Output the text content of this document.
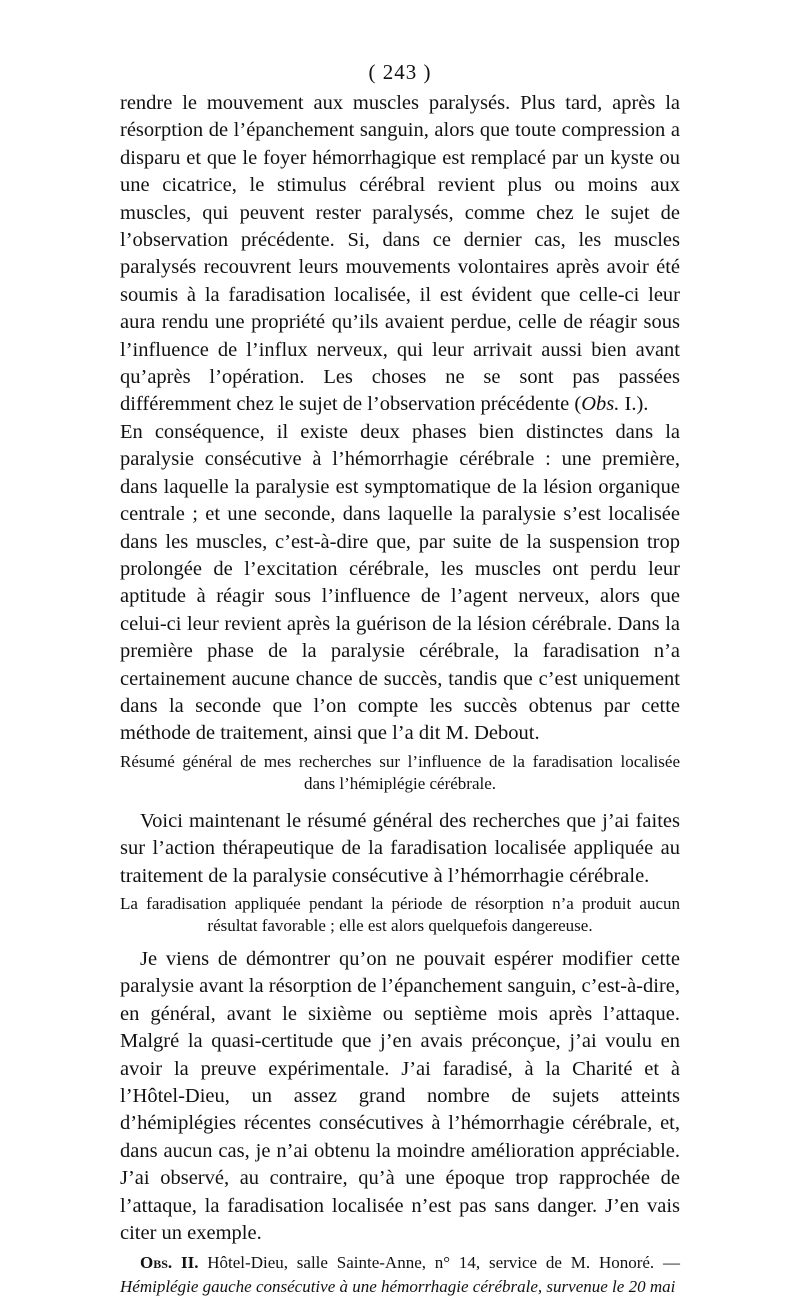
( 243 )

rendre le mouvement aux muscles paralysés. Plus tard, après la résorption de l’épanchement sanguin, alors que toute compression a disparu et que le foyer hémorrhagique est remplacé par un kyste ou une cicatrice, le stimulus cérébral revient plus ou moins aux muscles, qui peuvent rester paralysés, comme chez le sujet de l’observation précédente. Si, dans ce dernier cas, les muscles paralysés recouvrent leurs mouvements volontaires après avoir été soumis à la faradisation localisée, il est évident que celle-ci leur aura rendu une propriété qu’ils avaient perdue, celle de réagir sous l’influence de l’influx nerveux, qui leur arrivait aussi bien avant qu’après l’opération. Les choses ne se sont pas passées différemment chez le sujet de l’observation précédente (Obs. I.).

En conséquence, il existe deux phases bien distinctes dans la paralysie consécutive à l’hémorrhagie cérébrale : une première, dans laquelle la paralysie est symptomatique de la lésion organique centrale ; et une seconde, dans laquelle la paralysie s’est localisée dans les muscles, c’est-à-dire que, par suite de la suspension trop prolongée de l’excitation cérébrale, les muscles ont perdu leur aptitude à réagir sous l’influence de l’agent nerveux, alors que celui-ci leur revient après la guérison de la lésion cérébrale. Dans la première phase de la paralysie cérébrale, la faradisation n’a certainement aucune chance de succès, tandis que c’est uniquement dans la seconde que l’on compte les succès obtenus par cette méthode de traitement, ainsi que l’a dit M. Debout.

Résumé général de mes recherches sur l’influence de la faradisation localisée dans l’hémiplégie cérébrale.

Voici maintenant le résumé général des recherches que j’ai faites sur l’action thérapeutique de la faradisation localisée appliquée au traitement de la paralysie consécutive à l’hémorrhagie cérébrale.

La faradisation appliquée pendant la période de résorption n’a produit aucun résultat favorable ; elle est alors quelquefois dangereuse.

Je viens de démontrer qu’on ne pouvait espérer modifier cette paralysie avant la résorption de l’épanchement sanguin, c’est-à-dire, en général, avant le sixième ou septième mois après l’attaque. Malgré la quasi-certitude que j’en avais préconçue, j’ai voulu en avoir la preuve expérimentale. J’ai faradisé, à la Charité et à l’Hôtel-Dieu, un assez grand nombre de sujets atteints d’hémiplégies récentes consécutives à l’hémorrhagie cérébrale, et, dans aucun cas, je n’ai obtenu la moindre amélioration appréciable. J’ai observé, au contraire, qu’à une époque trop rapprochée de l’attaque, la faradisation localisée n’est pas sans danger. J’en vais citer un exemple.

Obs. II. Hôtel-Dieu, salle Sainte-Anne, n° 14, service de M. Honoré. — Hémiplégie gauche consécutive à une hémorrhagie cérébrale, survenue le 20 mai
